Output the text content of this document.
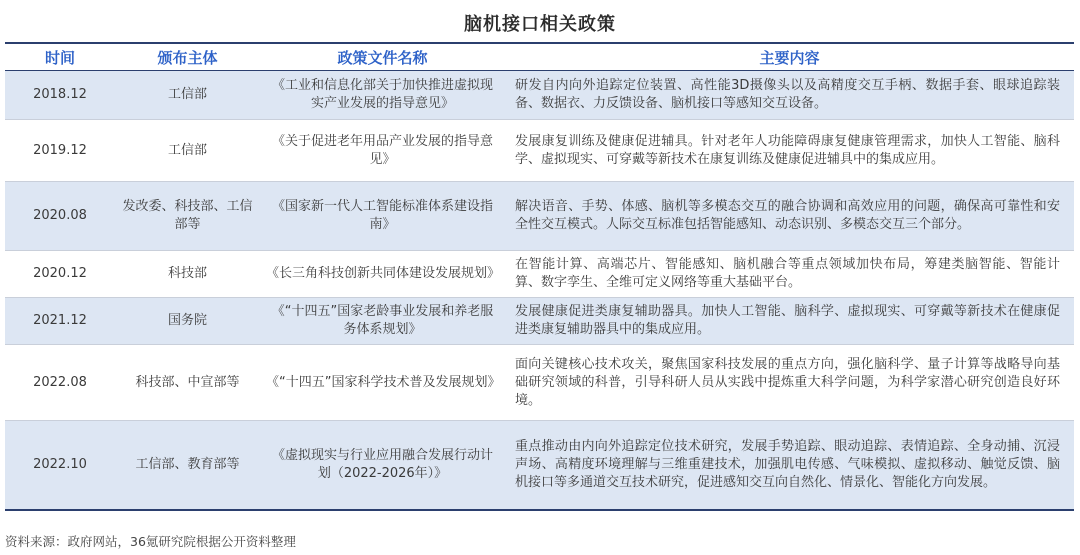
脑机接口相关政策
时间	颁布主体	政策文件名称	主要内容
2018.12	工信部	《工业和信息化部关于加快推进虚拟现实产业发展的指导意见》	研发自内向外追踪定位装置、高性能3D摄像头以及高精度交互手柄、数据手套、眼球追踪装备、数据衣、力反馈设备、脑机接口等感知交互设备。
2019.12	工信部	《关于促进老年用品产业发展的指导意见》	发展康复训练及健康促进辅具。针对老年人功能障碍康复健康管理需求，加快人工智能、脑科学、虚拟现实、可穿戴等新技术在康复训练及健康促进辅具中的集成应用。
2020.08	发改委、科技部、工信部等	《国家新一代人工智能标准体系建设指南》	解决语音、手势、体感、脑机等多模态交互的融合协调和高效应用的问题，确保高可靠性和安全性交互模式。人际交互标准包括智能感知、动态识别、多模态交互三个部分。
2020.12	科技部	《长三角科技创新共同体建设发展规划》	在智能计算、高端芯片、智能感知、脑机融合等重点领域加快布局，筹建类脑智能、智能计算、数字孪生、全维可定义网络等重大基础平台。
2021.12	国务院	《“十四五”国家老龄事业发展和养老服务体系规划》	发展健康促进类康复辅助器具。加快人工智能、脑科学、虚拟现实、可穿戴等新技术在健康促进类康复辅助器具中的集成应用。
2022.08	科技部、中宣部等	《“十四五”国家科学技术普及发展规划》	面向关键核心技术攻关，聚焦国家科技发展的重点方向，强化脑科学、量子计算等战略导向基础研究领域的科普，引导科研人员从实践中提炼重大科学问题，为科学家潜心研究创造良好环境。
2022.10	工信部、教育部等	《虚拟现实与行业应用融合发展行动计划（2022-2026年）》	重点推动由内向外追踪定位技术研究，发展手势追踪、眼动追踪、表情追踪、全身动捕、沉浸声场、高精度环境理解与三维重建技术，加强肌电传感、气味模拟、虚拟移动、触觉反馈、脑机接口等多通道交互技术研究，促进感知交互向自然化、情景化、智能化方向发展。
资料来源：政府网站，36氪研究院根据公开资料整理
